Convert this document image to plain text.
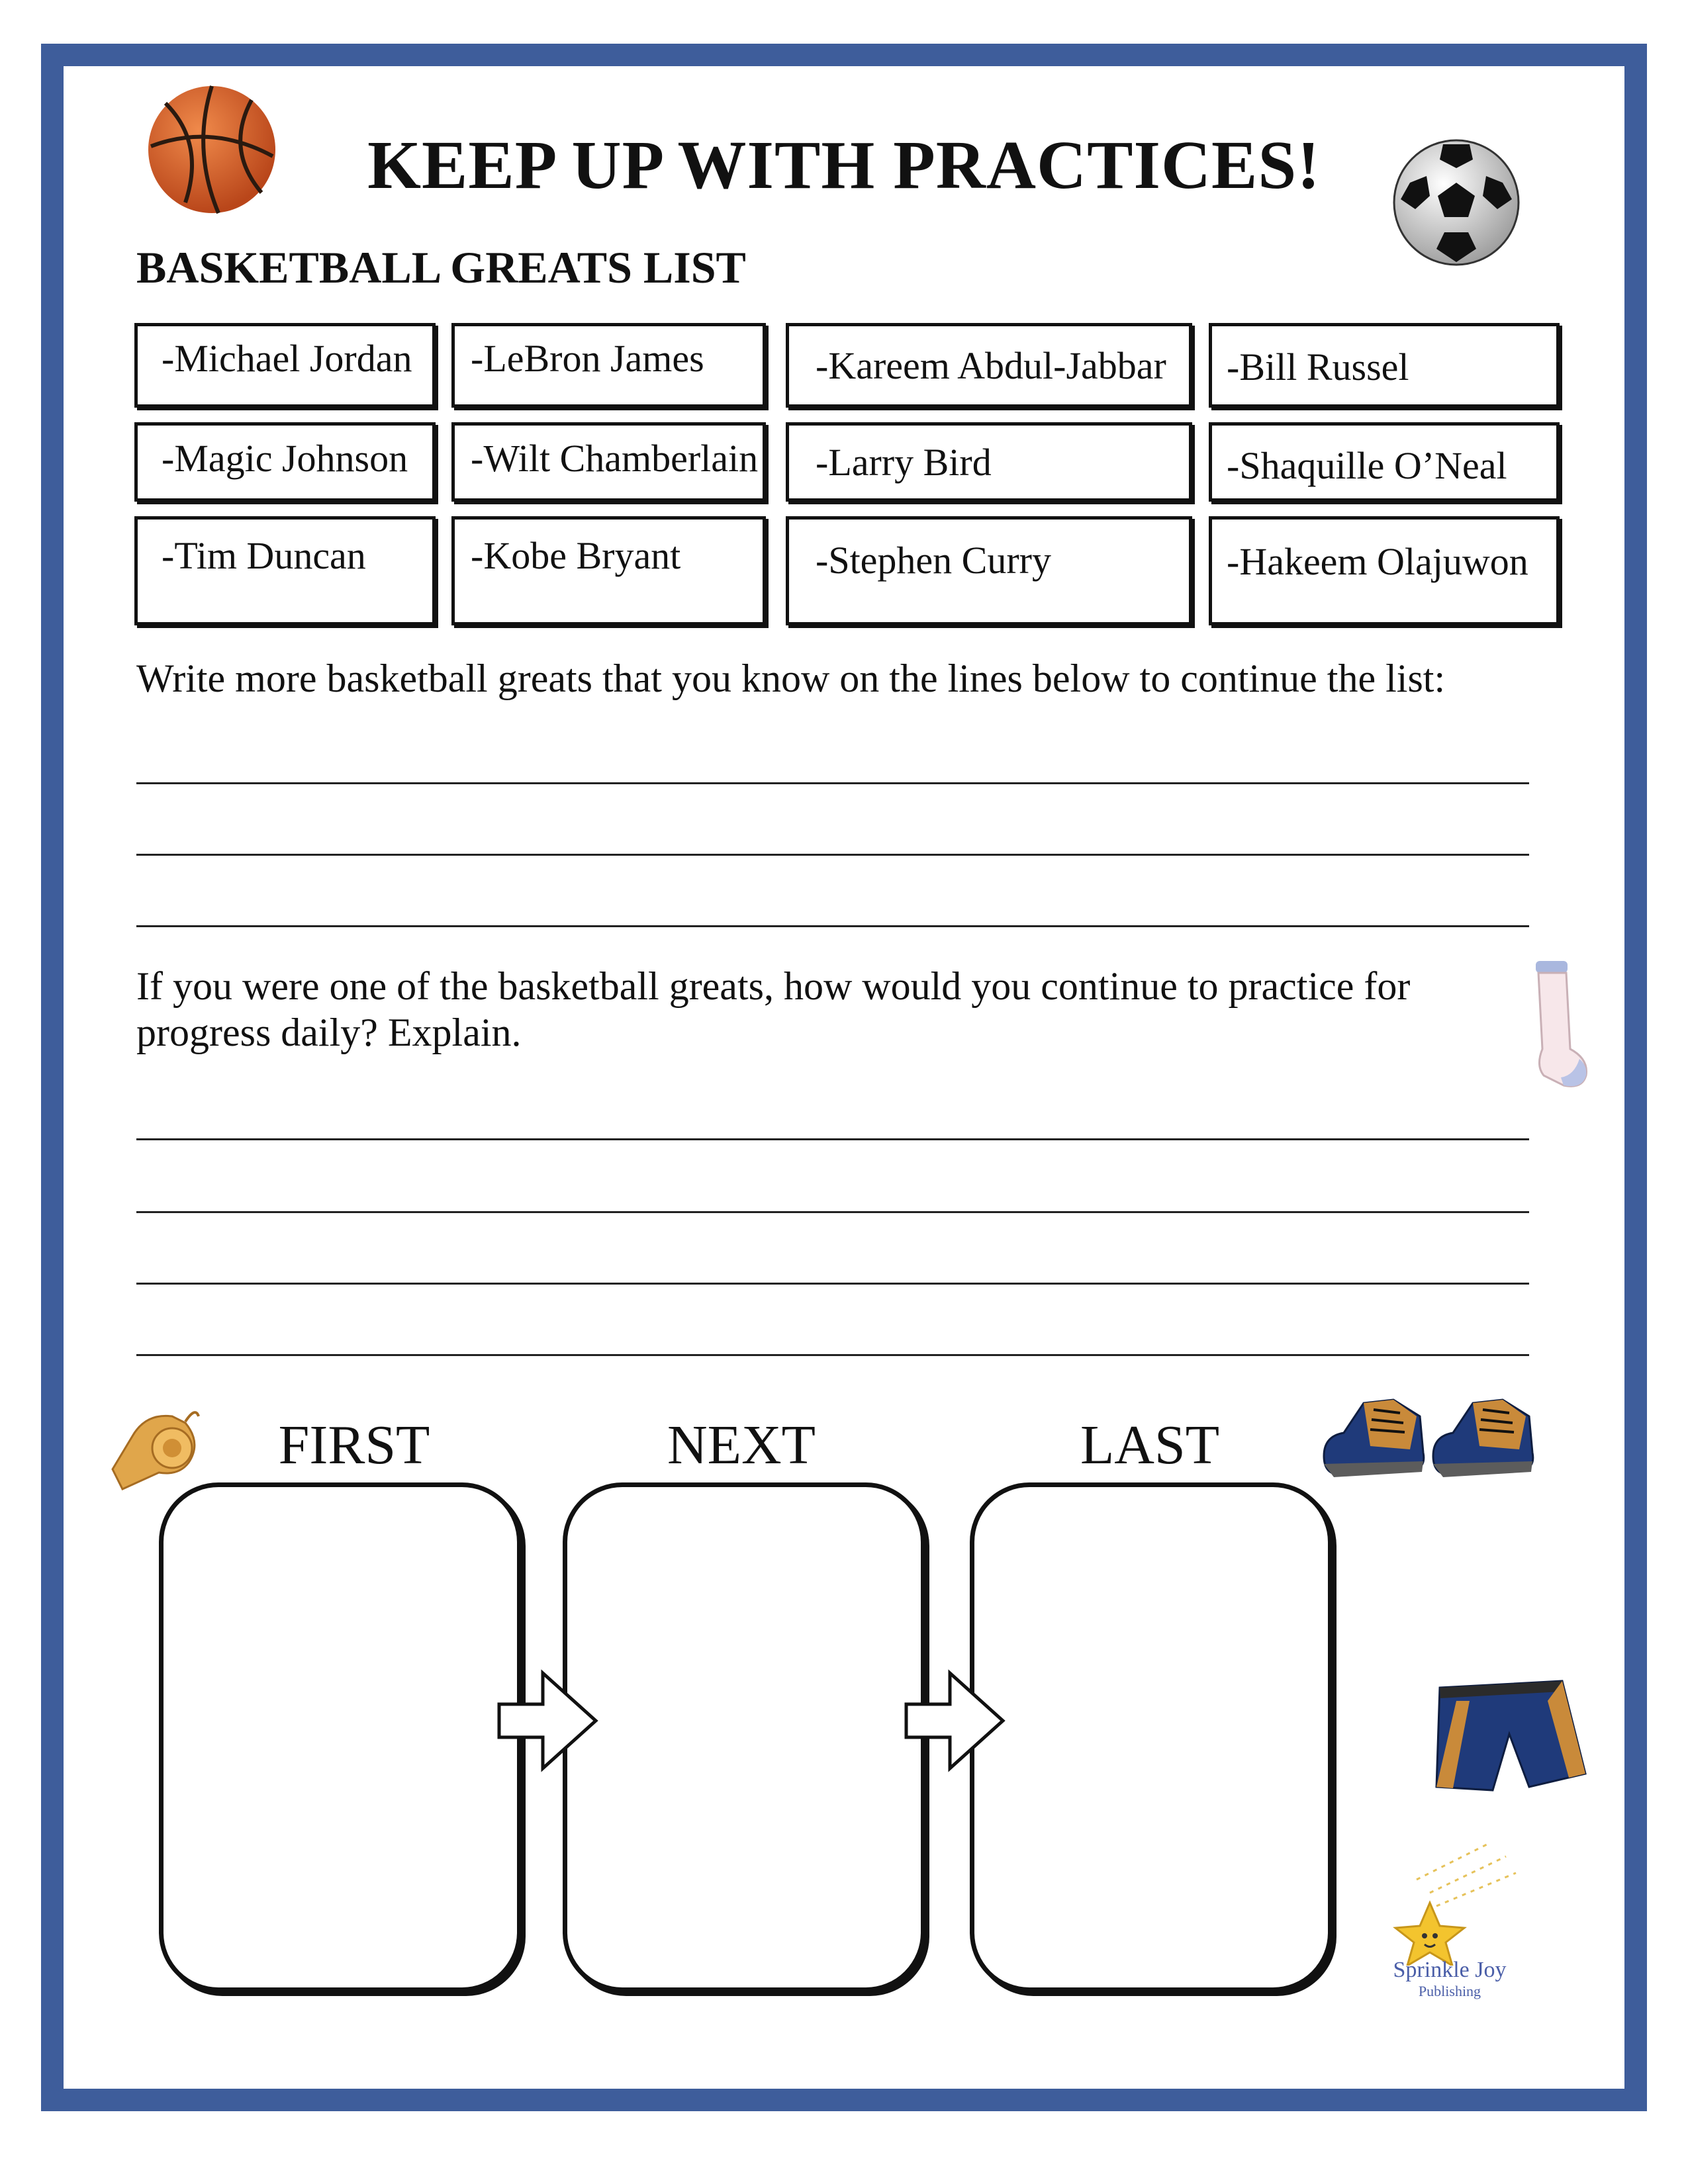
KEEP UP WITH PRACTICES!
BASKETBALL GREATS LIST
-Michael Jordan	-LeBron James	-Kareem Abdul-Jabbar	-Bill Russel
-Magic Johnson	-Wilt Chamberlain	-Larry Bird	-Shaquille O’Neal
-Tim Duncan	-Kobe Bryant	-Stephen Curry	-Hakeem Olajuwon
Write more basketball greats that you know on the lines below to continue the list:
If you were one of the basketball greats, how would you continue to practice for
progress daily? Explain.
FIRST	NEXT	LAST
Sprinkle Joy
Publishing
